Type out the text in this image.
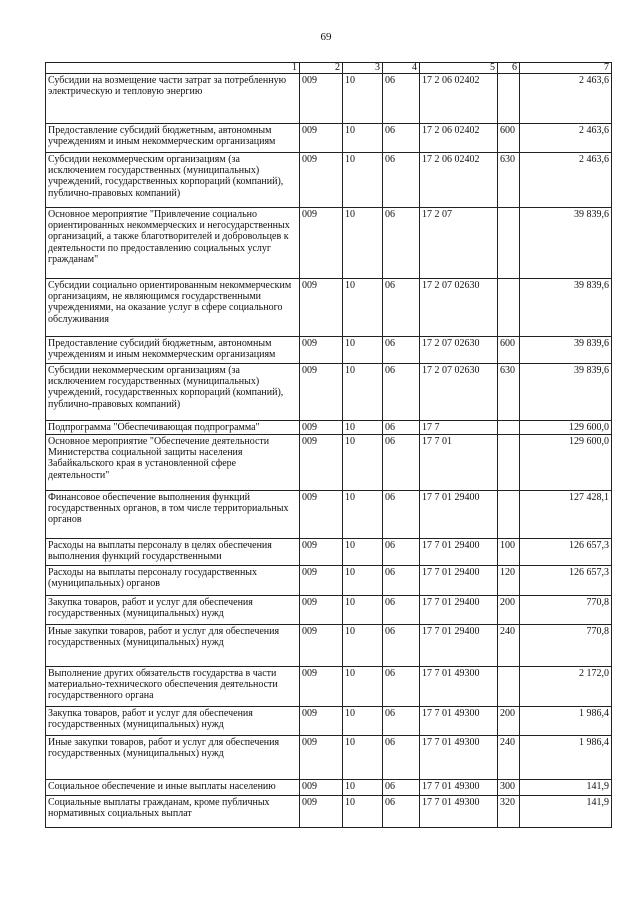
69
1	2	3	4	5	6	7
Субсидии на возмещение части затрат за потребленную электрическую и тепловую энергию	009	10	06	17 2 06 02402		2 463,6
Предоставление субсидий бюджетным, автономным учреждениям и иным некоммерческим организациям	009	10	06	17 2 06 02402	600	2 463,6
Субсидии некоммерческим организациям (за исключением государственных (муниципальных) учреждений, государственных корпораций (компаний), публично-правовых компаний)	009	10	06	17 2 06 02402	630	2 463,6
Основное мероприятие "Привлечение социально ориентированных некоммерческих и негосударственных организаций, а также благотворителей и добровольцев к деятельности по предоставлению социальных услуг гражданам"	009	10	06	17 2 07		39 839,6
Субсидии социально ориентированным некоммерческим организациям, не являющимся государственными учреждениями, на оказание услуг в сфере социального обслуживания	009	10	06	17 2 07 02630		39 839,6
Предоставление субсидий бюджетным, автономным учреждениям и иным некоммерческим организациям	009	10	06	17 2 07 02630	600	39 839,6
Субсидии некоммерческим организациям (за исключением государственных (муниципальных) учреждений, государственных корпораций (компаний), публично-правовых компаний)	009	10	06	17 2 07 02630	630	39 839,6
Подпрограмма "Обеспечивающая подпрограмма"	009	10	06	17 7		129 600,0
Основное мероприятие "Обеспечение деятельности Министерства социальной защиты населения Забайкальского края в установленной сфере деятельности"	009	10	06	17 7 01		129 600,0
Финансовое обеспечение выполнения функций государственных органов, в том числе территориальных органов	009	10	06	17 7 01 29400		127 428,1
Расходы на выплаты персоналу в целях обеспечения выполнения функций государственными	009	10	06	17 7 01 29400	100	126 657,3
Расходы на выплаты персоналу государственных (муниципальных) органов	009	10	06	17 7 01 29400	120	126 657,3
Закупка товаров, работ и услуг для обеспечения государственных (муниципальных) нужд	009	10	06	17 7 01 29400	200	770,8
Иные закупки товаров, работ и услуг для обеспечения государственных (муниципальных) нужд	009	10	06	17 7 01 29400	240	770,8
Выполнение других обязательств государства в части материально-технического обеспечения деятельности государственного органа	009	10	06	17 7 01 49300		2 172,0
Закупка товаров, работ и услуг для обеспечения государственных (муниципальных) нужд	009	10	06	17 7 01 49300	200	1 986,4
Иные закупки товаров, работ и услуг для обеспечения государственных (муниципальных) нужд	009	10	06	17 7 01 49300	240	1 986,4
Социальное обеспечение и иные выплаты населению	009	10	06	17 7 01 49300	300	141,9
Социальные выплаты гражданам, кроме публичных нормативных социальных выплат	009	10	06	17 7 01 49300	320	141,9
